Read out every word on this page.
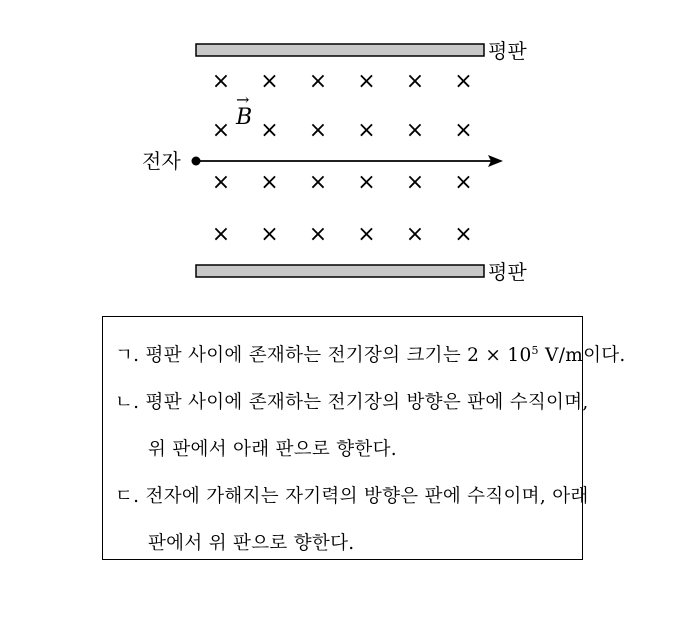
평판
평판
× × × × × ×
× × × × × ×
× × × × × ×
× × × × × ×
→
B
전자
ㄱ. 평판 사이에 존재하는 전기장의 크기는 $2 \times 10^5$ V/m이다.
ㄴ. 평판 사이에 존재하는 전기장의 방향은 판에 수직이며,
위 판에서 아래 판으로 향한다.
ㄷ. 전자에 가해지는 자기력의 방향은 판에 수직이며, 아래
판에서 위 판으로 향한다.
